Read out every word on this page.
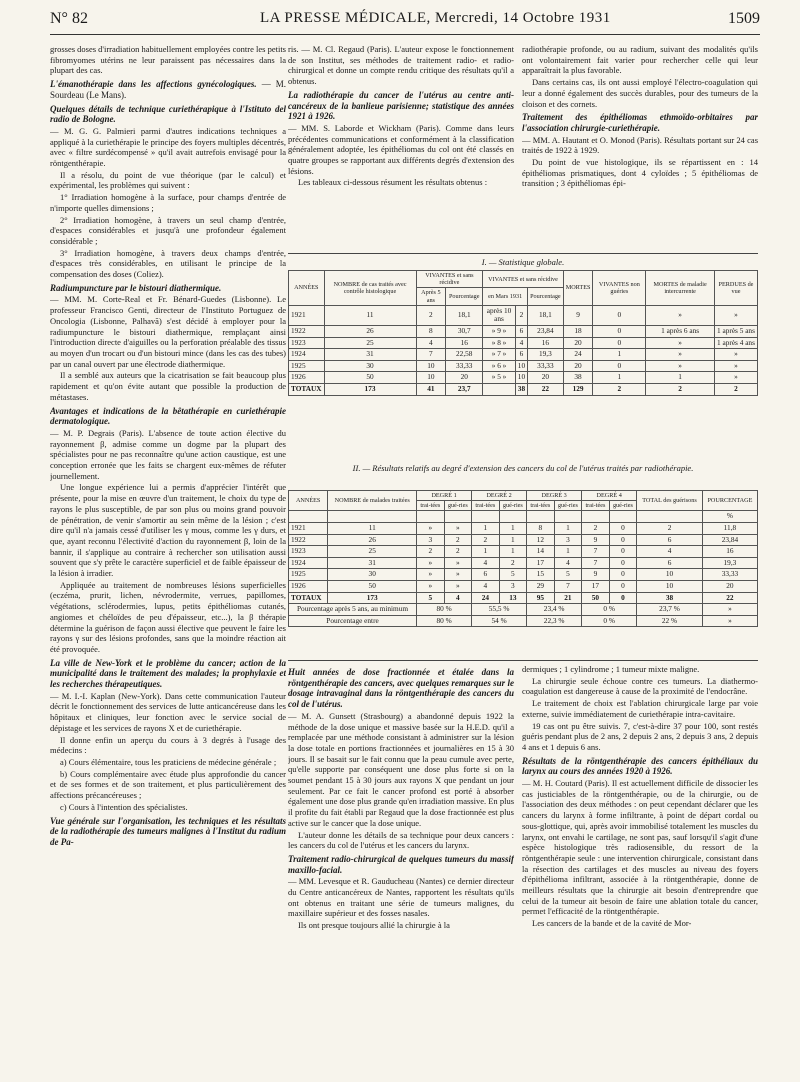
N° 82	LA PRESSE MÉDICALE, Mercredi, 14 Octobre 1931	1509

grosses doses d'irradiation habituellement employées contre les petits fibromyomes utérins ne leur paraissent pas nécessaires dans la plupart des cas.

L'émanothérapie dans les affections gynécologiques. — M. Sourdeau (Le Mans).
Quelques détails de technique curiethérapique à l'Istituto del radio de Bologne.

— M. G. G. Palmieri parmi d'autres indications techniques a appliqué à la curiethérapie le principe des foyers multiples décentrés, avec « filtre surdécompensé » qu'il avait autrefois envisagé pour la röntgenthérapie.

Il a résolu, du point de vue théorique (par le calcul) et expérimental, les problèmes qui suivent :

1° Irradiation homogène à la surface, pour champs d'entrée de n'importe quelles dimensions ;

2° Irradiation homogène, à travers un seul champ d'entrée, d'espaces considérables et jusqu'à une profondeur également considérable ;

3° Irradiation homogène, à travers deux champs d'entrée, d'espaces très considérables, en utilisant le principe de la compensation des doses (Coliez).

Radiumpuncture par le bistouri diathermique.

— MM. M. Corte-Real et Fr. Bénard-Guedes (Lisbonne). Le professeur Francisco Genti, directeur de l'Instituto Portuguez de Oncologia (Lisbonne, Palhavã) s'est décidé à employer pour la radiumpuncture le bistouri diathermique, remplaçant ainsi l'introduction directe d'aiguilles ou la perforation préalable des tissus au moyen d'un trocart ou d'un bistouri mince (dans les cas des tubes) par un canal ouvert par une électrode diathermique.

Il a semblé aux auteurs que la cicatrisation se fait beaucoup plus rapidement et qu'on évite autant que possible la production de métastases.

Avantages et indications de la bêtathérapie en curiethérapie dermatologique.

— M. P. Degrais (Paris). L'absence de toute action élective du rayonnement β, admise comme un dogme par la plupart des spécialistes pour ne pas reconnaître qu'une action caustique, est une conception erronée que les faits se chargent eux-mêmes de réfuter journellement.

Une longue expérience lui a permis d'apprécier l'intérêt que présente, pour la mise en œuvre d'un traitement, le choix du type de rayons le plus susceptible, de par son plus ou moins grand pouvoir de pénétration, de venir s'amortir au sein même de la lésion ; c'est dire qu'il n'a jamais cessé d'utiliser les γ mous, comme les γ durs, et que, ayant reconnu l'électivité d'action du rayonnement β, loin de la bannir, il s'applique au contraire à rechercher son utilisation aussi souvent que s'y prête le caractère superficiel et de faible épaisseur de la lésion à irradier.

Appliquée au traitement de nombreuses lésions superficielles (eczéma, prurit, lichen, névrodermite, verrues, papillomes, végétations, sclérodermies, lupus, petits épithéliomas cutanés, angiomes et chéloïdes de peu d'épaisseur, etc...), la β thérapie détermine la guérison de façon aussi élective que peuvent le faire les rayons γ sur des lésions profondes, sans que la moindre réaction ait été provoquée.

La ville de New-York et le problème du cancer; action de la municipalité dans le traitement des malades; la prophylaxie et les recherches thérapeutiques.

— M. I.-I. Kaplan (New-York). Dans cette communication l'auteur décrit le fonctionnement des services de lutte anticancéreuse dans les hôpitaux et cliniques, leur fonction avec le service social de dépistage et les services de rayons X et de curiethérapie.

Il donne enfin un aperçu du cours à 3 degrés à l'usage des médecins :

a) Cours élémentaire, tous les praticiens de médecine générale ;

b) Cours complémentaire avec étude plus approfondie du cancer et de ses formes et de son traitement, et plus particulièrement des affections précancéreuses ;

c) Cours à l'intention des spécialistes.

Vue générale sur l'organisation, les techniques et les résultats de la radiothérapie des tumeurs malignes à l'Institut du radium de Pa-

ris. — M. Cl. Regaud (Paris). L'auteur expose le fonctionnement de son Institut, ses méthodes de traitement radio- et radio-chirurgical et donne un compte rendu critique des résultats qu'il a obtenus.

La radiothérapie du cancer de l'utérus au centre anti-cancéreux de la banlieue parisienne; statistique des années 1921 à 1926.

— MM. S. Laborde et Wickham (Paris). Comme dans leurs précédentes communications et conformément à la classification généralement adoptée, les épithéliomas du col ont été classés en quatre groupes se rapportant aux différents degrés d'extension des lésions.

Les tableaux ci-dessous résument les résultats obtenus :

radiothérapie profonde, ou au radium, suivant des modalités qu'ils ont volontairement fait varier pour rechercher celle qui leur apparaîtrait la plus favorable.

Dans certains cas, ils ont aussi employé l'électro-coagulation qui leur a donné également des succès durables, pour des tumeurs de la cloison et des cornets.

Traitement des épithéliomas ethmoïdo-orbitaires par l'association chirurgie-curiethérapie.

— MM. A. Hautant et O. Monod (Paris). Résultats portant sur 24 cas traités de 1922 à 1929.

Du point de vue histologique, ils se répartissent en : 14 épithéliomas prismatiques, dont 4 cyloïdes ; 5 épithéliomas de transition ; 3 épithéliomas épi-

I. — Statistique globale.
ANNÉES	NOMBRE de cas traités avec contrôle histologique	VIVANTES et sans récidive		VIVANTES et sans récidive			MORTES	VIVANTES non guéries	MORTES de maladie intercurrente	PERDUES de vue
		Après 5 ans	Pourcentage	en Mars 1931		Pourcentage				
1921	11	2	18,1	après 10 ans	2	18,1	9	0	»	»
1922	26	8	30,7	» 9 »	6	23,84	18	0	1 après 6 ans	1 après 5 ans
1923	25	4	16	» 8 »	4	16	20	0	»	1 après 4 ans
1924	31	7	22,58	» 7 »	6	19,3	24	1	»	»
1925	30	10	33,33	» 6 »	10	33,33	20	0	»	»
1926	50	10	20	» 5 »	10	20	38	1	1	»
TOTAUX	173	41	23,7		38	22	129	2	2	2
II. — Résultats relatifs au degré d'extension des cancers du col de l'utérus traités par radiothérapie.
ANNÉES	NOMBRE de malades traitées	DEGRÉ 1		DEGRÉ 2		DEGRÉ 3		DEGRÉ 4		TOTAL des guérisons	POURCENTAGE
		trai-tées	gué-ries	trai-tées	gué-ries	trai-tées	gué-ries	trai-tées	gué-ries		
											%
1921	11	»	»	1	1	8	1	2	0	2	11,8
1922	26	3	2	2	1	12	3	9	0	6	23,84
1923	25	2	2	1	1	14	1	7	0	4	16
1924	31	»	»	4	2	17	4	7	0	6	19,3
1925	30	»	»	6	5	15	5	9	0	10	33,33
1926	50	»	»	4	3	29	7	17	0	10	20
TOTAUX	173	5	4	24	13	95	21	50	0	38	22
Pourcentage après 5 ans, au minimum		80 %		55,5 %		23,4 %		0 %		23,7 %	»
Pourcentage entre		80 %		54 %		22,3 %		0 %		22 %	»
Huit années de dose fractionnée et étalée dans la röntgenthérapie des cancers, avec quelques remarques sur le dosage intravaginal dans la röntgenthérapie des cancers du col de l'utérus.

— M. A. Gunsett (Strasbourg) a abandonné depuis 1922 la méthode de la dose unique et massive basée sur la H.E.D. qu'il a remplacée par une méthode consistant à administrer sur la lésion la dose totale en portions fractionnées et journalières en 15 à 30 jours. Il se basait sur le fait connu que la peau cumule avec perte, qu'elle supporte par conséquent une dose plus forte si on la soumet pendant 15 à 30 jours aux rayons X que pendant un jour seulement. Par ce fait le cancer profond est porté à absorber également une dose plus grande qu'en irradiation massive. En plus il profite du fait établi par Regaud que la dose fractionnée est plus active sur le cancer que la dose unique.

L'auteur donne les détails de sa technique pour deux cancers : les cancers du col de l'utérus et les cancers du larynx.

Traitement radio-chirurgical de quelques tumeurs du massif maxillo-facial.

— MM. Levesque et R. Gauducheau (Nantes) ce dernier directeur du Centre anticancéreux de Nantes, rapportent les résultats qu'ils ont obtenus en traitant une série de tumeurs malignes, du maxillaire supérieur et des fosses nasales.

Ils ont presque toujours allié la chirurgie à la

dermiques ; 1 cylindrome ; 1 tumeur mixte maligne.

La chirurgie seule échoue contre ces tumeurs. La diathermo-coagulation est dangereuse à cause de la proximité de l'endocrâne.

Le traitement de choix est l'ablation chirurgicale large par voie externe, suivie immédiatement de curiethérapie intra-cavitaire.

19 cas ont pu être suivis. 7, c'est-à-dire 37 pour 100, sont restés guéris pendant plus de 2 ans, 2 depuis 2 ans, 2 depuis 3 ans, 2 depuis 4 ans et 1 depuis 6 ans.

Résultats de la röntgenthérapie des cancers épithéliaux du larynx au cours des années 1920 à 1926.

— M. H. Coutard (Paris). Il est actuellement difficile de dissocier les cas justiciables de la röntgenthérapie, ou de la chirurgie, ou de l'association des deux méthodes : on peut cependant déclarer que les cancers du larynx à forme infiltrante, à point de départ cordal ou sous-glottique, qui, après avoir immobilisé totalement les muscles du larynx, ont envahi le cartilage, ne sont pas, sauf lorsqu'il s'agit d'une espèce histologique très radiosensible, du ressort de la röntgenthérapie seule : une intervention chirurgicale, consistant dans la résection des cartilages et des muscles au niveau des foyers d'épithélioma infiltrant, associée à la röntgenthérapie, donne de meilleurs résultats que la chirurgie ait besoin d'entreprendre que celui de la tumeur ait besoin de faire une ablation totale du cancer, permet l'efficacité de la röntgenthérapie.

Les cancers de la bande et de la cavité de Mor-
